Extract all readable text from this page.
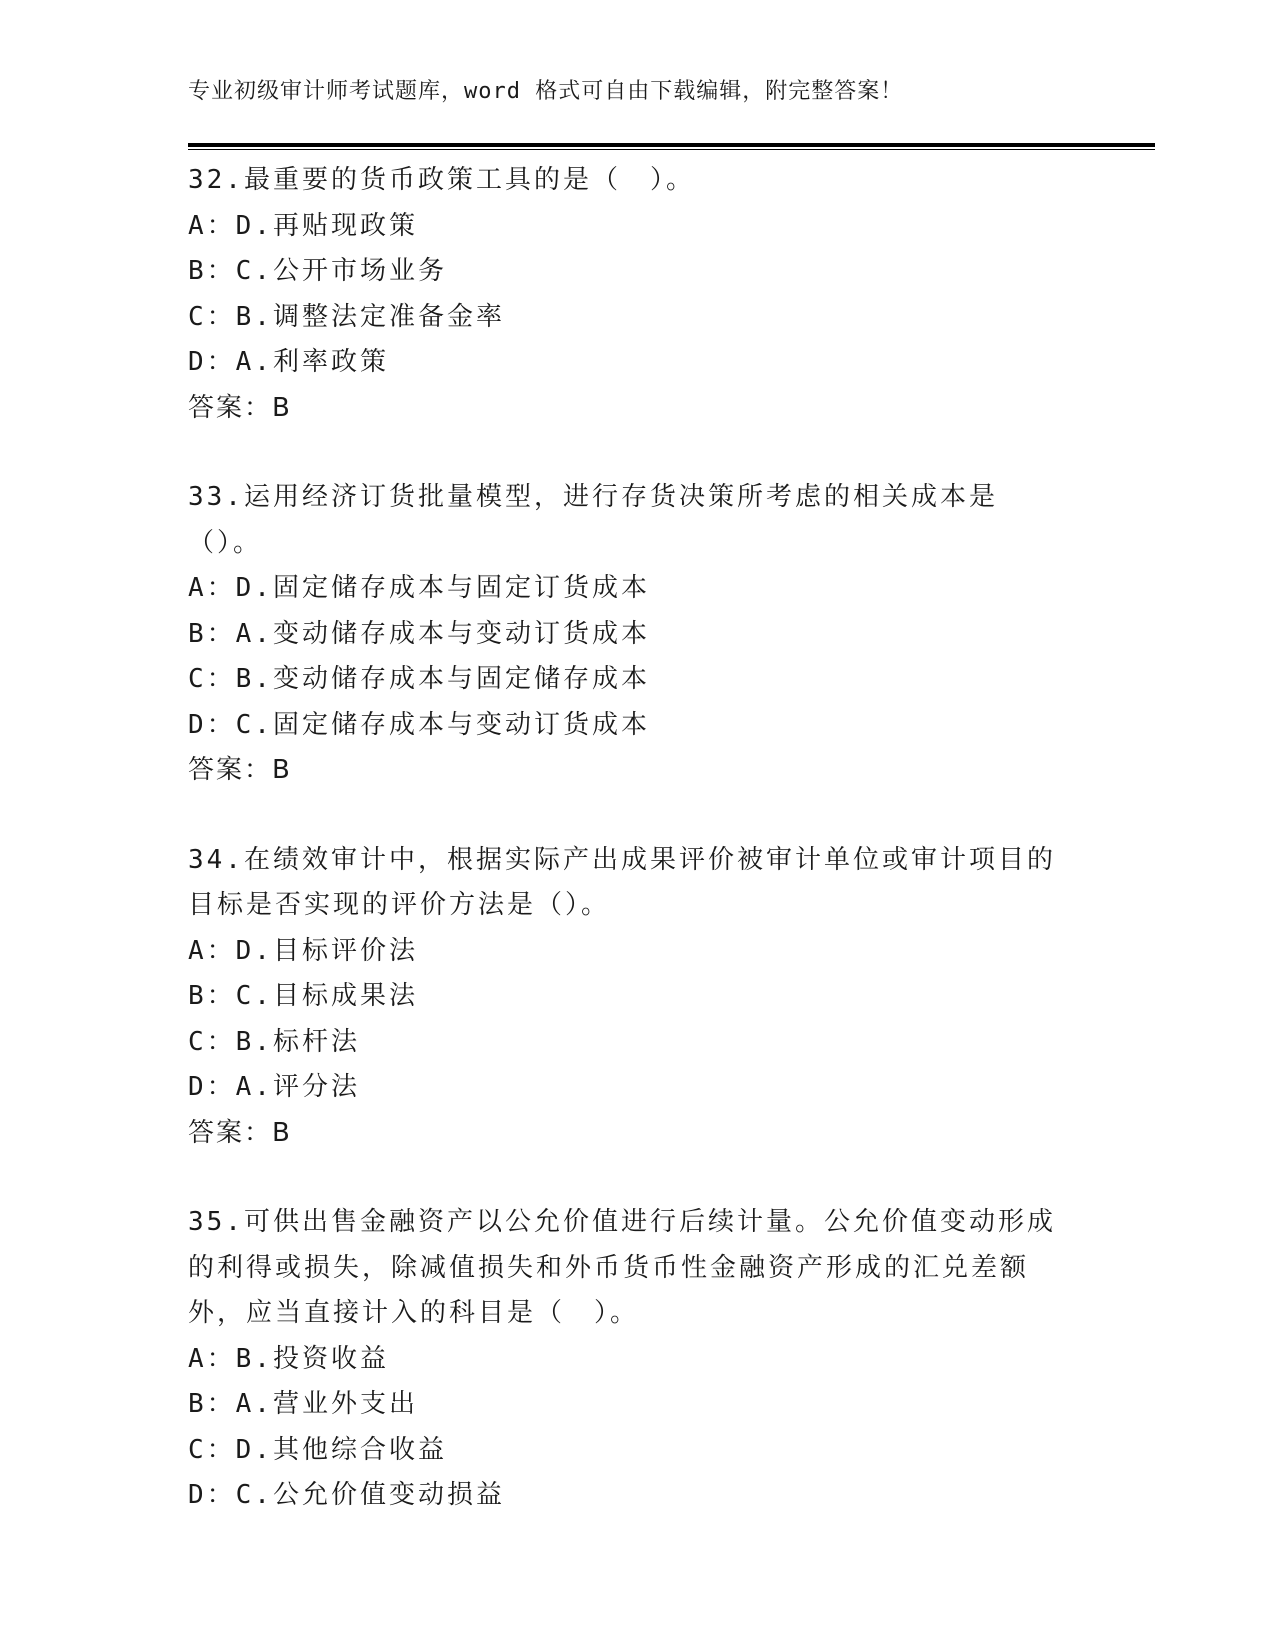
专业初级审计师考试题库，word 格式可自由下载编辑，附完整答案！

32.最重要的货币政策工具的是（　）。

A：D.再贴现政策

B：C.公开市场业务

C：B.调整法定准备金率

D：A.利率政策

答案：B

33.运用经济订货批量模型，进行存货决策所考虑的相关成本是（）。

A：D.固定储存成本与固定订货成本

B：A.变动储存成本与变动订货成本

C：B.变动储存成本与固定储存成本

D：C.固定储存成本与变动订货成本

答案：B

34.在绩效审计中，根据实际产出成果评价被审计单位或审计项目的目标是否实现的评价方法是（）。

A：D.目标评价法

B：C.目标成果法

C：B.标杆法

D：A.评分法

答案：B

35.可供出售金融资产以公允价值进行后续计量。公允价值变动形成的利得或损失，除减值损失和外币货币性金融资产形成的汇兑差额外，应当直接计入的科目是（　）。

A：B.投资收益

B：A.营业外支出

C：D.其他综合收益

D：C.公允价值变动损益
